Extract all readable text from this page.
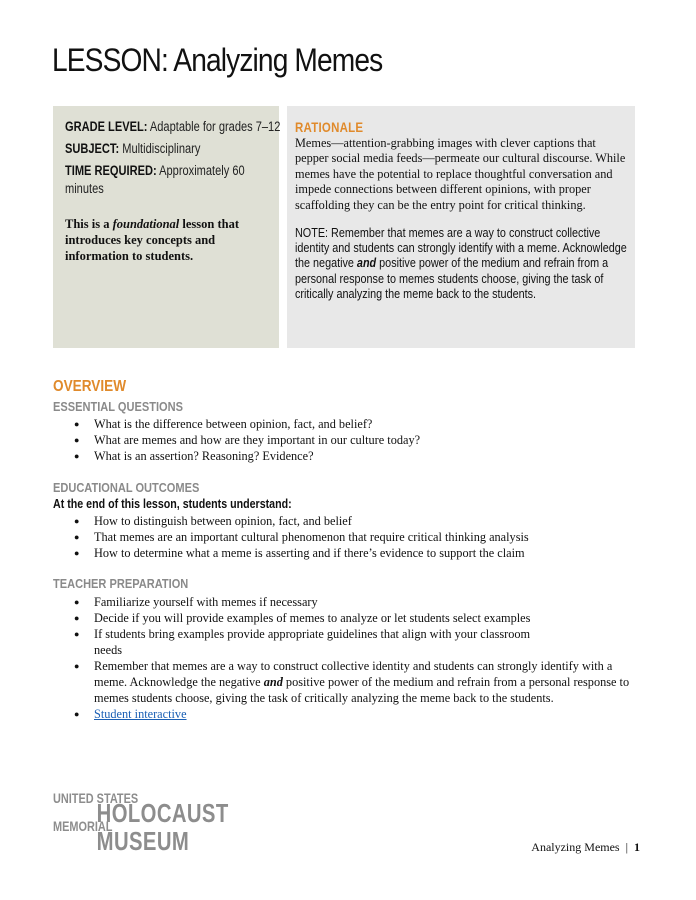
LESSON: Analyzing Memes
GRADE LEVEL: Adaptable for grades 7–12
SUBJECT: Multidisciplinary
TIME REQUIRED: Approximately 60 minutes
This is a foundational lesson that introduces key concepts and information to students.
RATIONALE
Memes—attention-grabbing images with clever captions that pepper social media feeds—permeate our cultural discourse. While memes have the potential to replace thoughtful conversation and impede connections between different opinions, with proper scaffolding they can be the entry point for critical thinking.
NOTE: Remember that memes are a way to construct collective identity and students can strongly identify with a meme. Acknowledge the negative and positive power of the medium and refrain from a personal response to memes students choose, giving the task of critically analyzing the meme back to the students.
OVERVIEW
ESSENTIAL QUESTIONS
● What is the difference between opinion, fact, and belief?
● What are memes and how are they important in our culture today?
● What is an assertion? Reasoning? Evidence?
EDUCATIONAL OUTCOMES
At the end of this lesson, students understand:
● How to distinguish between opinion, fact, and belief
● That memes are an important cultural phenomenon that require critical thinking analysis
● How to determine what a meme is asserting and if there’s evidence to support the claim
TEACHER PREPARATION
● Familiarize yourself with memes if necessary
● Decide if you will provide examples of memes to analyze or let students select examples
● If students bring examples provide appropriate guidelines that align with your classroom needs
● Remember that memes are a way to construct collective identity and students can strongly identify with a meme. Acknowledge the negative and positive power of the medium and refrain from a personal response to memes students choose, giving the task of critically analyzing the meme back to the students.
● Student interactive
UNITED STATES
HOLOCAUST
MEMORIAL
MUSEUM	Analyzing Memes | 1
